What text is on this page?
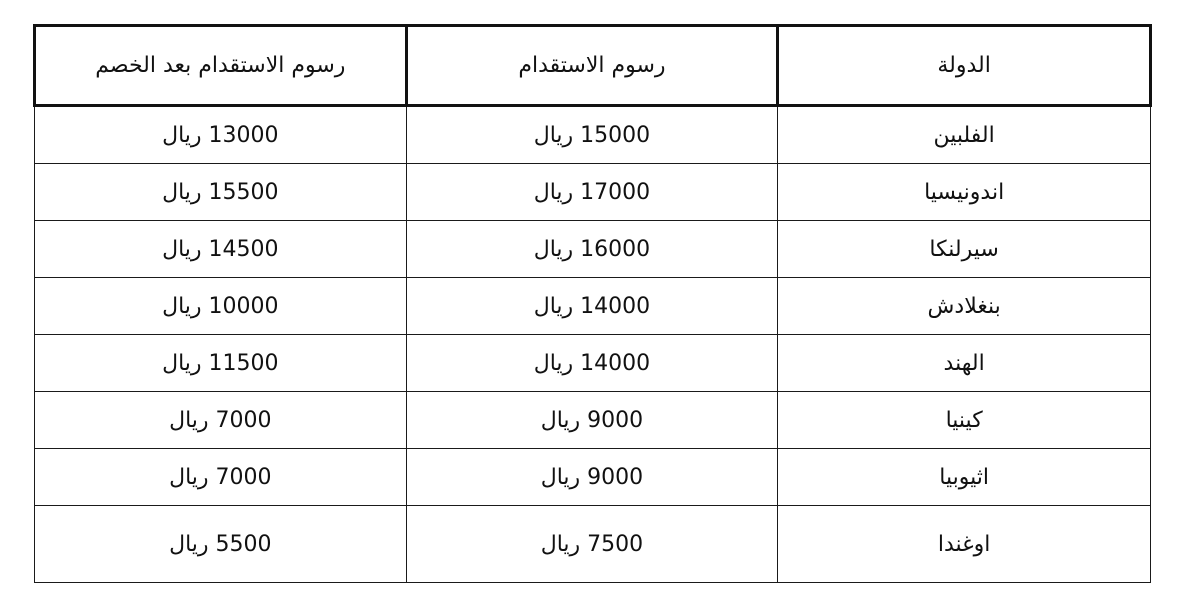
الدولة	رسوم الاستقدام	رسوم الاستقدام بعد الخصم
الفلبين	15000 ريال	13000 ريال
اندونيسيا	17000 ريال	15500 ريال
سيرلنكا	16000 ريال	14500 ريال
بنغلادش	14000 ريال	10000 ريال
الهند	14000 ريال	11500 ريال
كينيا	9000 ريال	7000 ريال
اثيوبيا	9000 ريال	7000 ريال
اوغندا	7500 ريال	5500 ريال
